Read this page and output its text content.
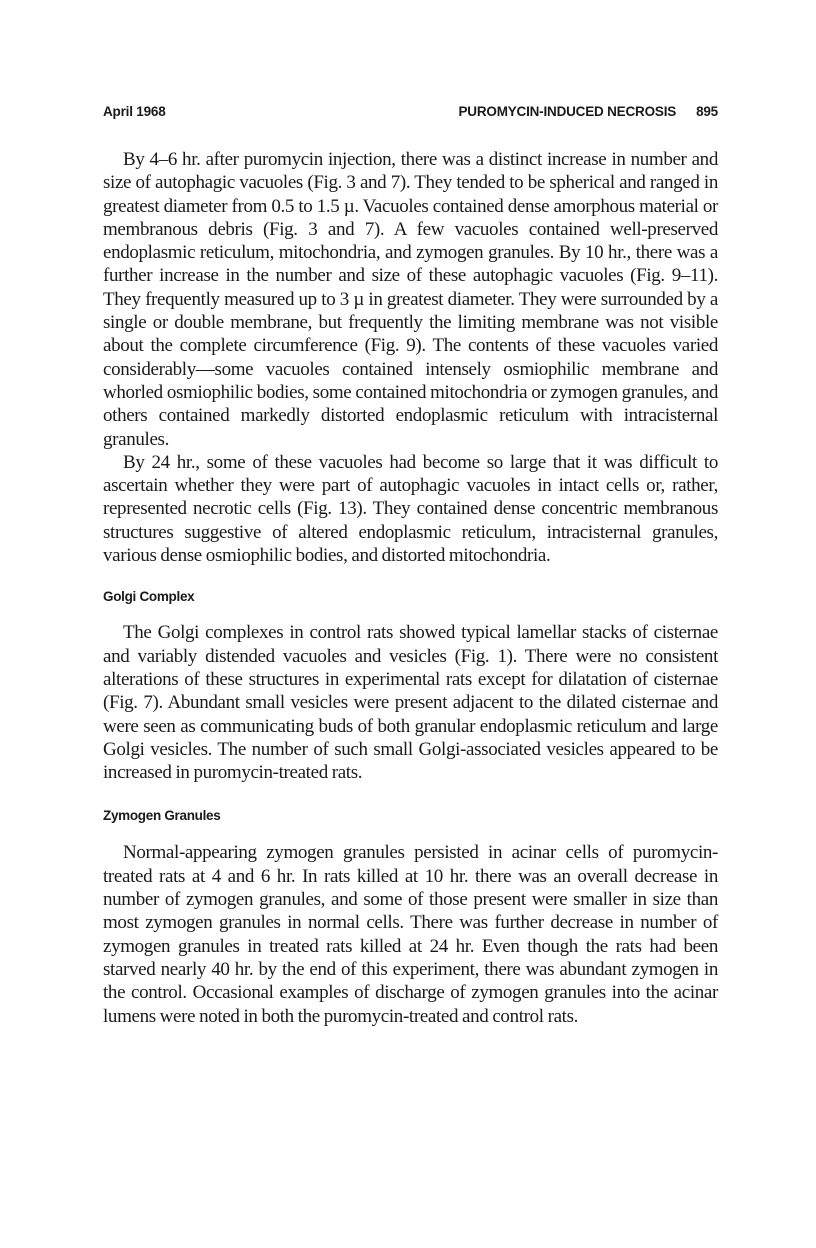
April 1968	PUROMYCIN-INDUCED NECROSIS 895

By 4–6 hr. after puromycin injection, there was a distinct increase in number and size of autophagic vacuoles (Fig. 3 and 7). They tended to be spherical and ranged in greatest diameter from 0.5 to 1.5 µ. Vacuoles contained dense amorphous material or membranous debris (Fig. 3 and 7). A few vacuoles contained well-preserved endoplasmic reticulum, mitochondria, and zymogen granules. By 10 hr., there was a further increase in the number and size of these autophagic vacuoles (Fig. 9–11). They frequently measured up to 3 µ in greatest diameter. They were surrounded by a single or double membrane, but frequently the limiting membrane was not visible about the complete circumference (Fig. 9). The contents of these vacuoles varied considerably—some vacuoles contained intensely osmiophilic membrane and whorled osmiophilic bodies, some contained mitochondria or zymogen granules, and others contained markedly distorted endoplasmic reticulum with intracisternal granules.

By 24 hr., some of these vacuoles had become so large that it was difficult to ascertain whether they were part of autophagic vacuoles in intact cells or, rather, represented necrotic cells (Fig. 13). They contained dense concentric membranous structures suggestive of altered endoplasmic reticulum, intracisternal granules, various dense osmiophilic bodies, and distorted mitochondria.

Golgi Complex

The Golgi complexes in control rats showed typical lamellar stacks of cisternae and variably distended vacuoles and vesicles (Fig. 1). There were no consistent alterations of these structures in experimental rats except for dilatation of cisternae (Fig. 7). Abundant small vesicles were present adjacent to the dilated cisternae and were seen as communicating buds of both granular endoplasmic reticulum and large Golgi vesicles. The number of such small Golgi-associated vesicles appeared to be increased in puromycin-treated rats.

Zymogen Granules

Normal-appearing zymogen granules persisted in acinar cells of puromycin-treated rats at 4 and 6 hr. In rats killed at 10 hr. there was an overall decrease in number of zymogen granules, and some of those present were smaller in size than most zymogen granules in normal cells. There was further decrease in number of zymogen granules in treated rats killed at 24 hr. Even though the rats had been starved nearly 40 hr. by the end of this experiment, there was abundant zymogen in the control. Occasional examples of discharge of zymogen granules into the acinar lumens were noted in both the puromycin-treated and control rats.
